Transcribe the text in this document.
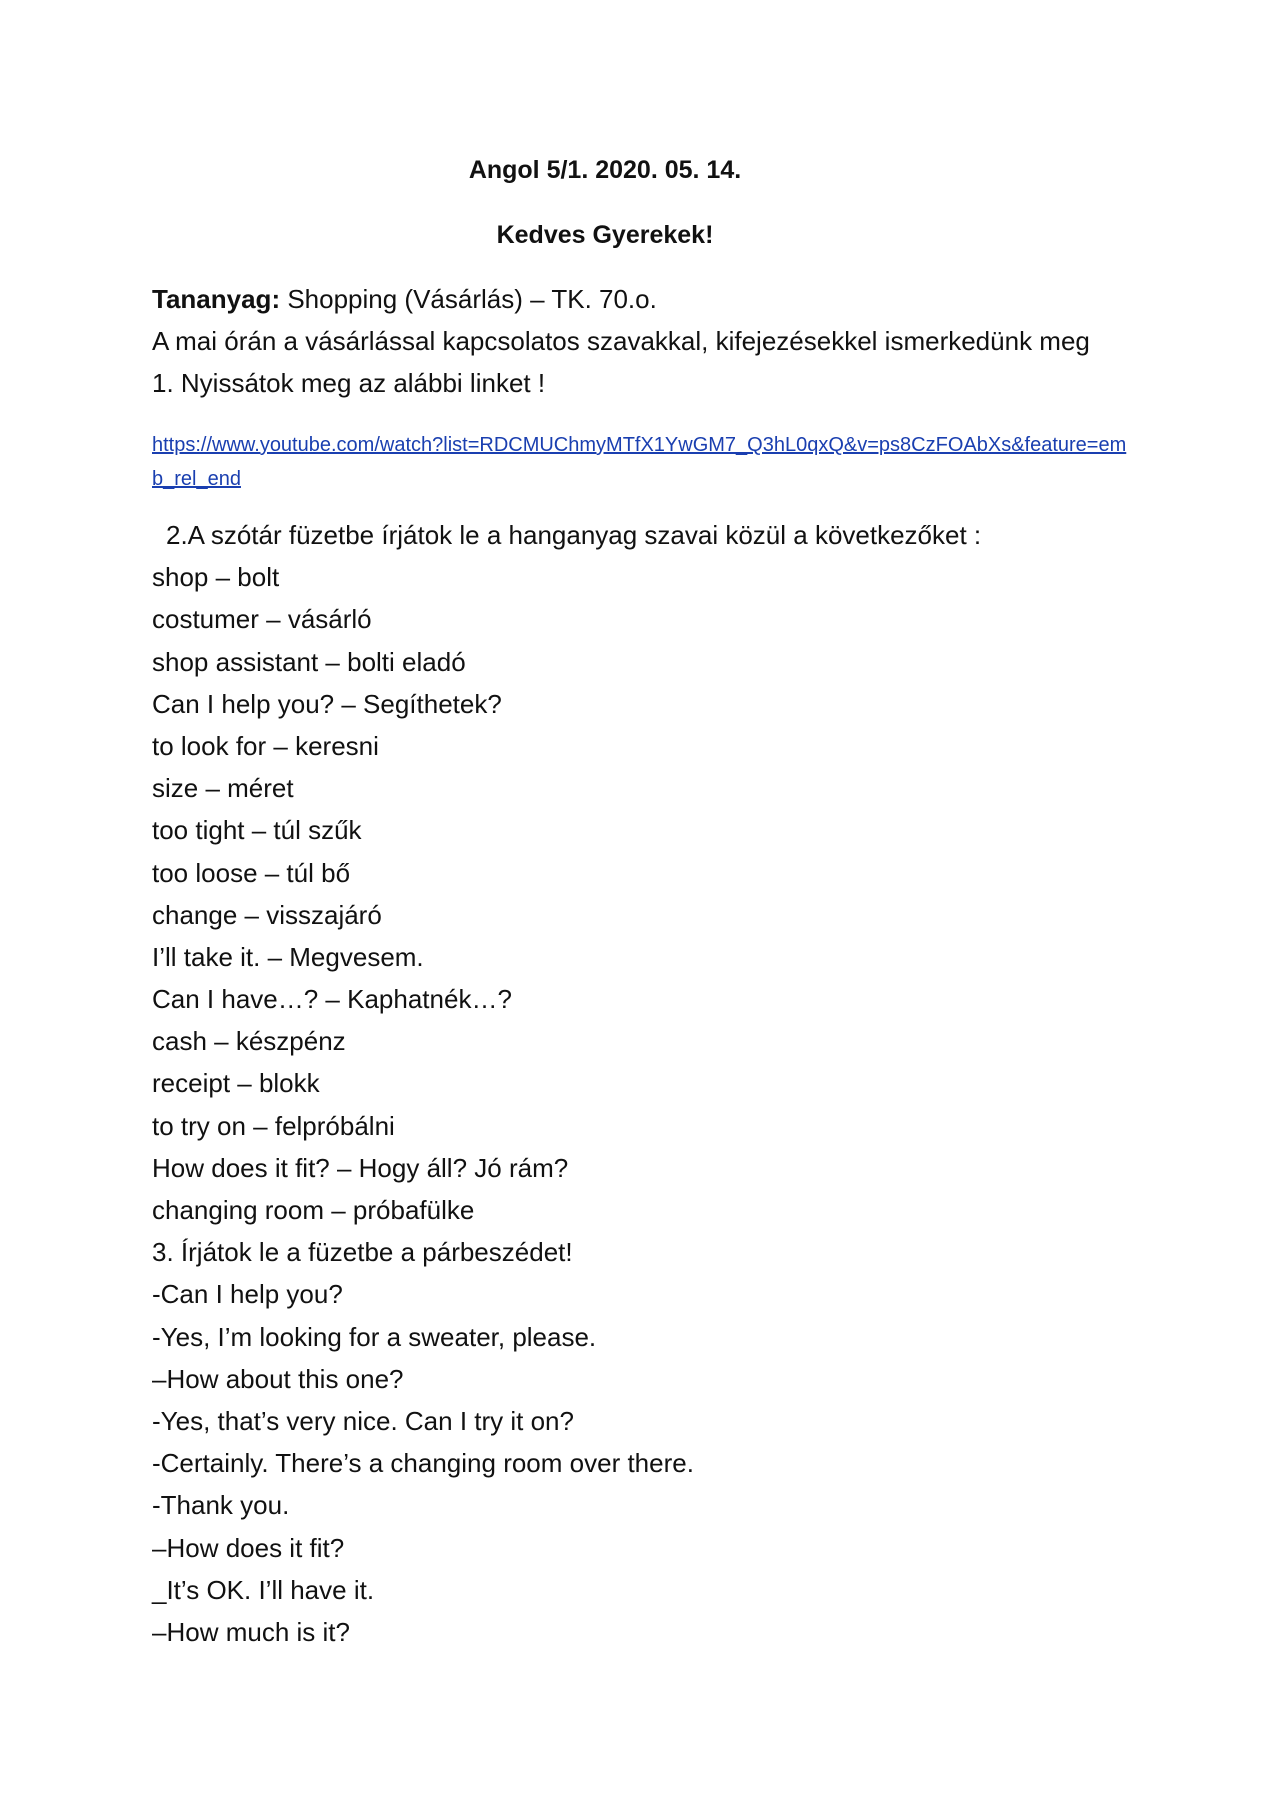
Angol 5/1. 2020. 05. 14.
Kedves Gyerekek!
Tananyag: Shopping (Vásárlás) – TK. 70.o.
A mai órán a vásárlással kapcsolatos szavakkal, kifejezésekkel ismerkedünk meg
1. Nyissátok meg az alábbi linket !
https://www.youtube.com/watch?list=RDCMUChmyMTfX1YwGM7_Q3hL0qxQ&v=ps8CzFOAbXs&feature=emb_rel_end
2.A szótár füzetbe írjátok le a hanganyag szavai közül a következőket :
shop – bolt
costumer – vásárló
shop assistant – bolti eladó
Can I help you? – Segíthetek?
to look for – keresni
size – méret
too tight – túl szűk
too loose – túl bő
change – visszajáró
I’ll take it. – Megvesem.
Can I have…? – Kaphatnék…?
cash – készpénz
receipt – blokk
to try on – felpróbálni
How does it fit? – Hogy áll? Jó rám?
changing room – próbafülke
3. Írjátok le a füzetbe a párbeszédet!
-Can I help you?
-Yes, I’m looking for a sweater, please.
–How about this one?
-Yes, that’s very nice. Can I try it on?
-Certainly. There’s a changing room over there.
-Thank you.
–How does it fit?
_It’s OK. I’ll have it.
–How much is it?
